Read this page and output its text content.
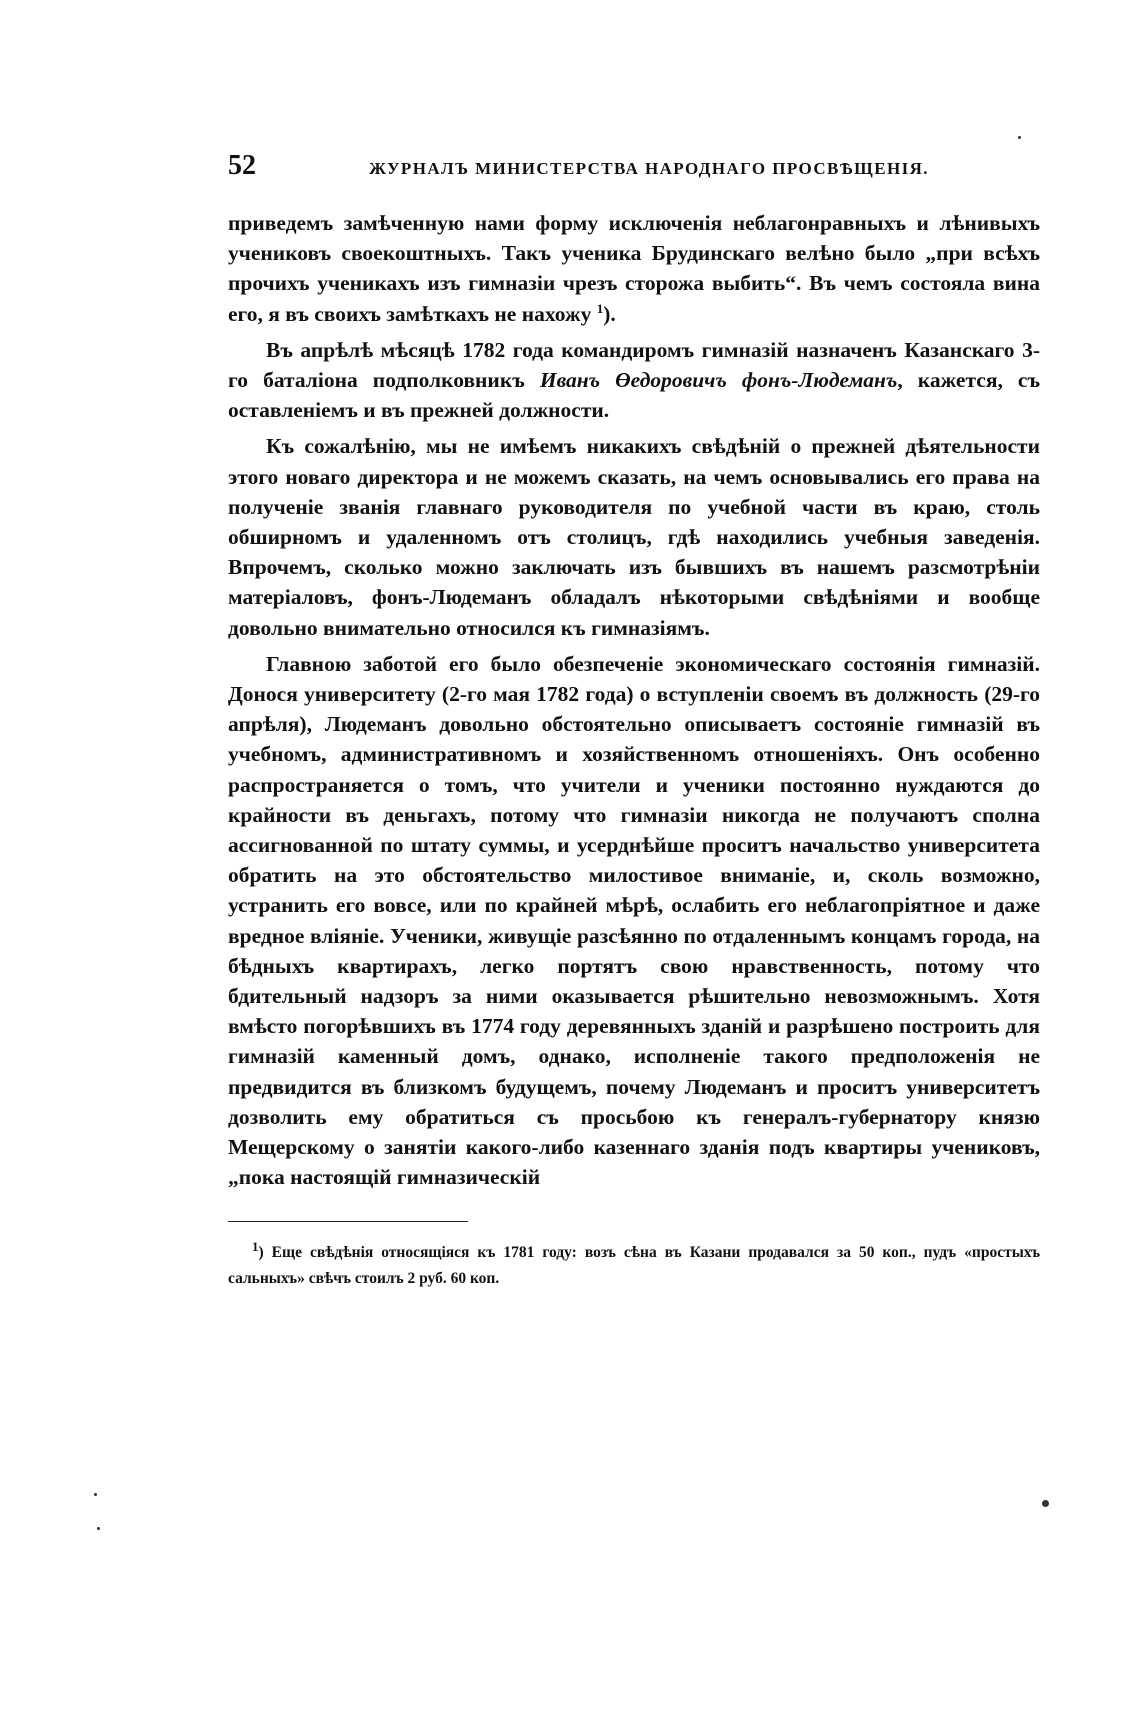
52	ЖУРНАЛЪ МИНИСТЕРСТВА НАРОДНАГО ПРОСВѢЩЕНІЯ.

приведемъ замѣченную нами форму исключенія неблагонравныхъ и лѣнивыхъ учениковъ своекоштныхъ. Такъ ученика Брудинскаго велѣно было „при всѣхъ прочихъ ученикахъ изъ гимназіи чрезъ сторожа выбить“. Въ чемъ состояла вина его, я въ своихъ замѣткахъ не нахожу $^1$).

Въ апрѣлѣ мѣсяцѣ 1782 года командиромъ гимназій назначенъ Казанскаго 3-го баталіона подполковникъ Иванъ Өедоровичъ фонъ-Людеманъ, кажется, съ оставленіемъ и въ прежней должности.

Къ сожалѣнію, мы не имѣемъ никакихъ свѣдѣній о прежней дѣятельности этого новаго директора и не можемъ сказать, на чемъ основывались его права на полученіе званія главнаго руководителя по учебной части въ краю, столь обширномъ и удаленномъ отъ столицъ, гдѣ находились учебныя заведенія. Впрочемъ, сколько можно заключать изъ бывшихъ въ нашемъ разсмотрѣніи матеріаловъ, фонъ-Людеманъ обладалъ нѣкоторыми свѣдѣніями и вообще довольно внимательно относился къ гимназіямъ.

Главною заботой его было обезпеченіе экономическаго состоянія гимназій. Донося университету (2-го мая 1782 года) о вступленіи своемъ въ должность (29-го апрѣля), Людеманъ довольно обстоятельно описываетъ состояніе гимназій въ учебномъ, административномъ и хозяйственномъ отношеніяхъ. Онъ особенно распространяется о томъ, что учители и ученики постоянно нуждаются до крайности въ деньгахъ, потому что гимназіи никогда не получаютъ сполна ассигнованной по штату суммы, и усерднѣйше проситъ начальство университета обратить на это обстоятельство милостивое вниманіе, и, сколь возможно, устранить его вовсе, или по крайней мѣрѣ, ослабить его неблагопріятное и даже вредное вліяніе. Ученики, живущіе разсѣянно по отдаленнымъ концамъ города, на бѣдныхъ квартирахъ, легко портятъ свою нравственность, потому что бдительный надзоръ за ними оказывается рѣшительно невозможнымъ. Хотя вмѣсто погорѣвшихъ въ 1774 году деревянныхъ зданій и разрѣшено построить для гимназій каменный домъ, однако, исполненіе такого предположенія не предвидится въ близкомъ будущемъ, почему Людеманъ и проситъ университетъ дозволить ему обратиться съ просьбою къ генералъ-губернатору князю Мещерскому о занятіи какого-либо казеннаго зданія подъ квартиры учениковъ, „пока настоящій гимназическій

$^1$) Еще свѣдѣнія относящіяся къ 1781 году: возъ сѣна въ Казани продавался за 50 коп., пудъ «простыхъ сальныхъ» свѣчъ стоилъ 2 руб. 60 коп.
